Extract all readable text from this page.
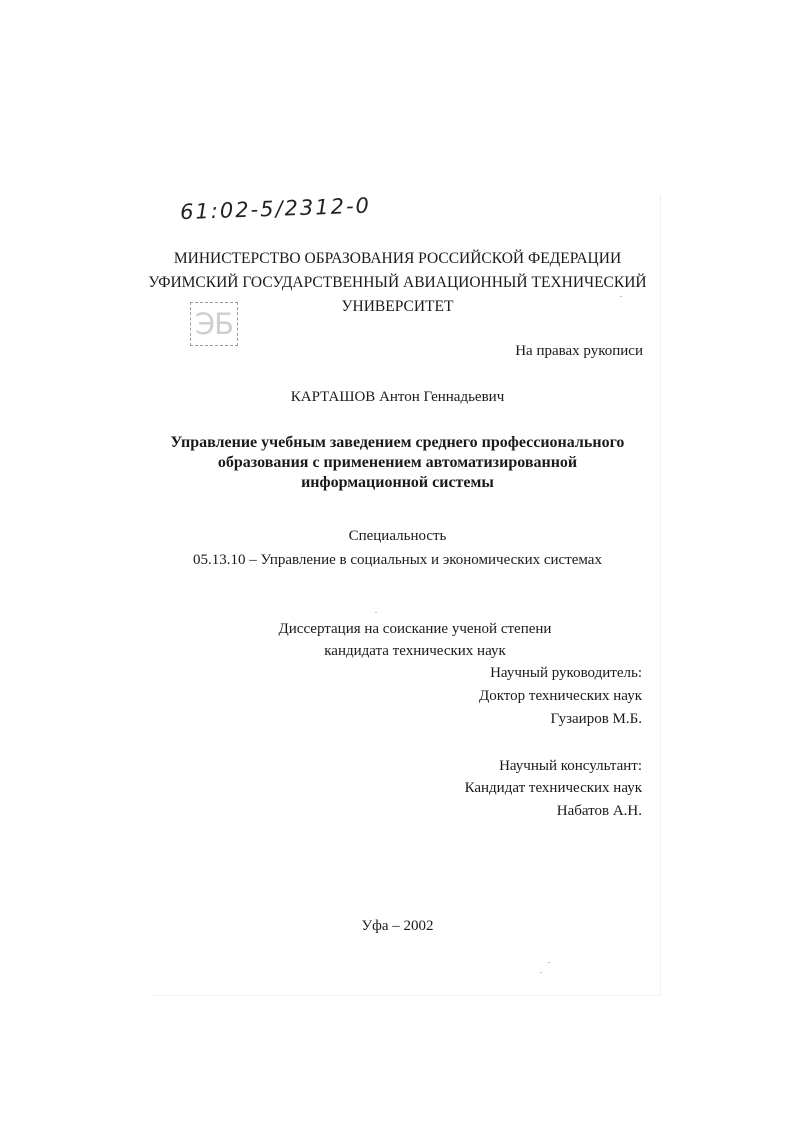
61:02-5/2312-0
МИНИСТЕРСТВО ОБРАЗОВАНИЯ РОССИЙСКОЙ ФЕДЕРАЦИИ
УФИМСКИЙ ГОСУДАРСТВЕННЫЙ АВИАЦИОННЫЙ ТЕХНИЧЕСКИЙ
УНИВЕРСИТЕТ
ЭБ
На правах рукописи
КАРТАШОВ Антон Геннадьевич
Управление учебным заведением среднего профессионального
образования с применением автоматизированной
информационной системы
Специальность
05.13.10 – Управление в социальных и экономических системах
Диссертация на соискание ученой степени
кандидата технических наук
Научный руководитель:
Доктор технических наук
Гузаиров М.Б.
Научный консультант:
Кандидат технических наук
Набатов А.Н.
Уфа – 2002
